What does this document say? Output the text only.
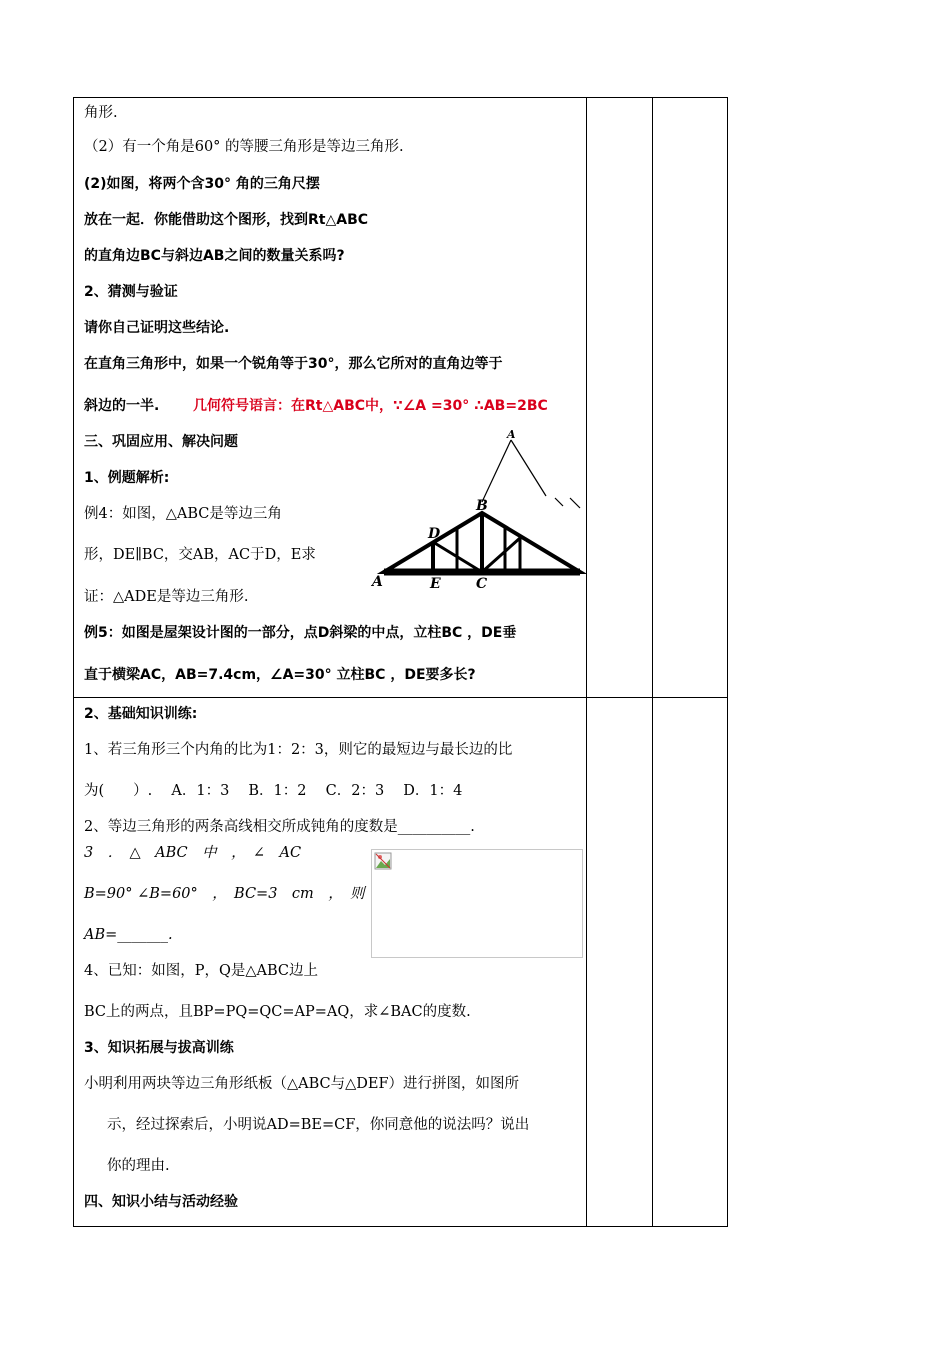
角形.
（2）有一个角是60° 的等腰三角形是等边三角形.
(2)如图，将两个含30° 角的三角尺摆
放在一起．你能借助这个图形，找到Rt△ABC
的直角边BC与斜边AB之间的数量关系吗?
2、猜测与验证
请你自己证明这些结论.
在直角三角形中，如果一个锐角等于30°，那么它所对的直角边等于
斜边的一半. 几何符号语言：在Rt△ABC中，∵∠A =30° ∴AB=2BC
三、巩固应用、解决问题
1、例题解析:
例4：如图，△ABC是等边三角
形，DE∥BC，交AB，AC于D，E求
证：△ADE是等边三角形.
例5：如图是屋架设计图的一部分，点D斜梁的中点，立柱BC ，DE垂
直于横梁AC，AB=7.4cm，∠A=30° 立柱BC ，DE要多长?
A
B
D
A	E	C
2、基础知识训练:
1、若三角形三个内角的比为1：2：3，则它的最短边与最长边的比
为(　　）.　 A．1：3　 B．1：2　 C．2：3　 D．1：4
2、等边三角形的两条高线相交所成钝角的度数是__________.
3　．　△　ABC　中　，　∠　AC
B=90° ∠B=60°　，　BC=3　cm　，　则
AB=_______.
4、已知：如图，P，Q是△ABC边上
BC上的两点，且BP=PQ=QC=AP=AQ，求∠BAC的度数.
3、知识拓展与拔高训练
小明利用两块等边三角形纸板（△ABC与△DEF）进行拼图，如图所
示，经过探索后，小明说AD=BE=CF，你同意他的说法吗？说出
你的理由.
四、知识小结与活动经验
